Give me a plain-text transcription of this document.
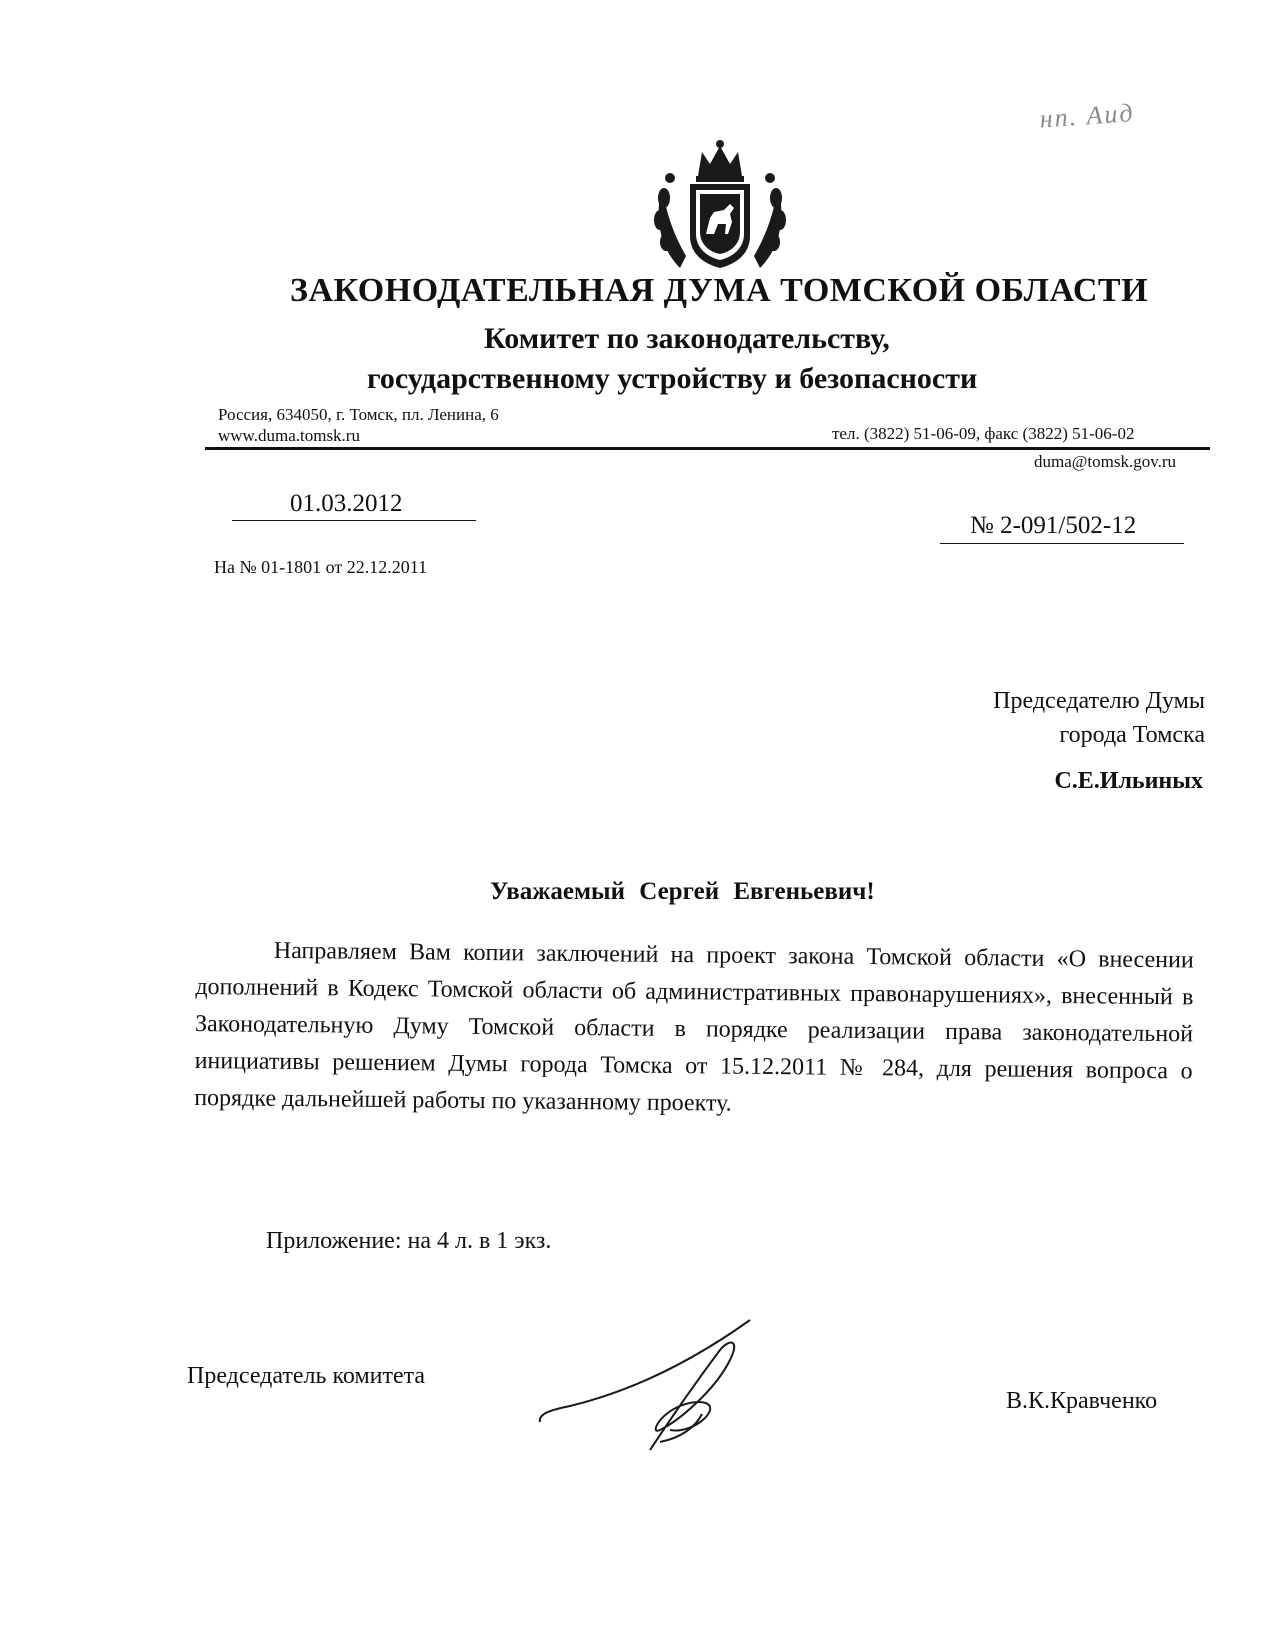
нп. Аид
ЗАКОНОДАТЕЛЬНАЯ ДУМА ТОМСКОЙ ОБЛАСТИ
Комитет по законодательству,
государственному устройству и безопасности
Россия, 634050, г. Томск, пл. Ленина, 6
www.duma.tomsk.ru	тел. (3822) 51-06-09, факс (3822) 51-06-02
duma@tomsk.gov.ru
01.03.2012
№ 2-091/502-12
На № 01-1801 от 22.12.2011
Председателю Думы
города Томска
С.Е.Ильиных
Уважаемый Сергей Евгеньевич!
Направляем Вам копии заключений на проект закона Томской области «О внесении дополнений в Кодекс Томской области об административных правонарушениях», внесенный в Законодательную Думу Томской области в порядке реализации права законодательной инициативы решением Думы города Томска от 15.12.2011 № 284, для решения вопроса о порядке дальнейшей работы по указанному проекту.
Приложение: на 4 л. в 1 экз.
Председатель комитета
В.К.Кравченко
